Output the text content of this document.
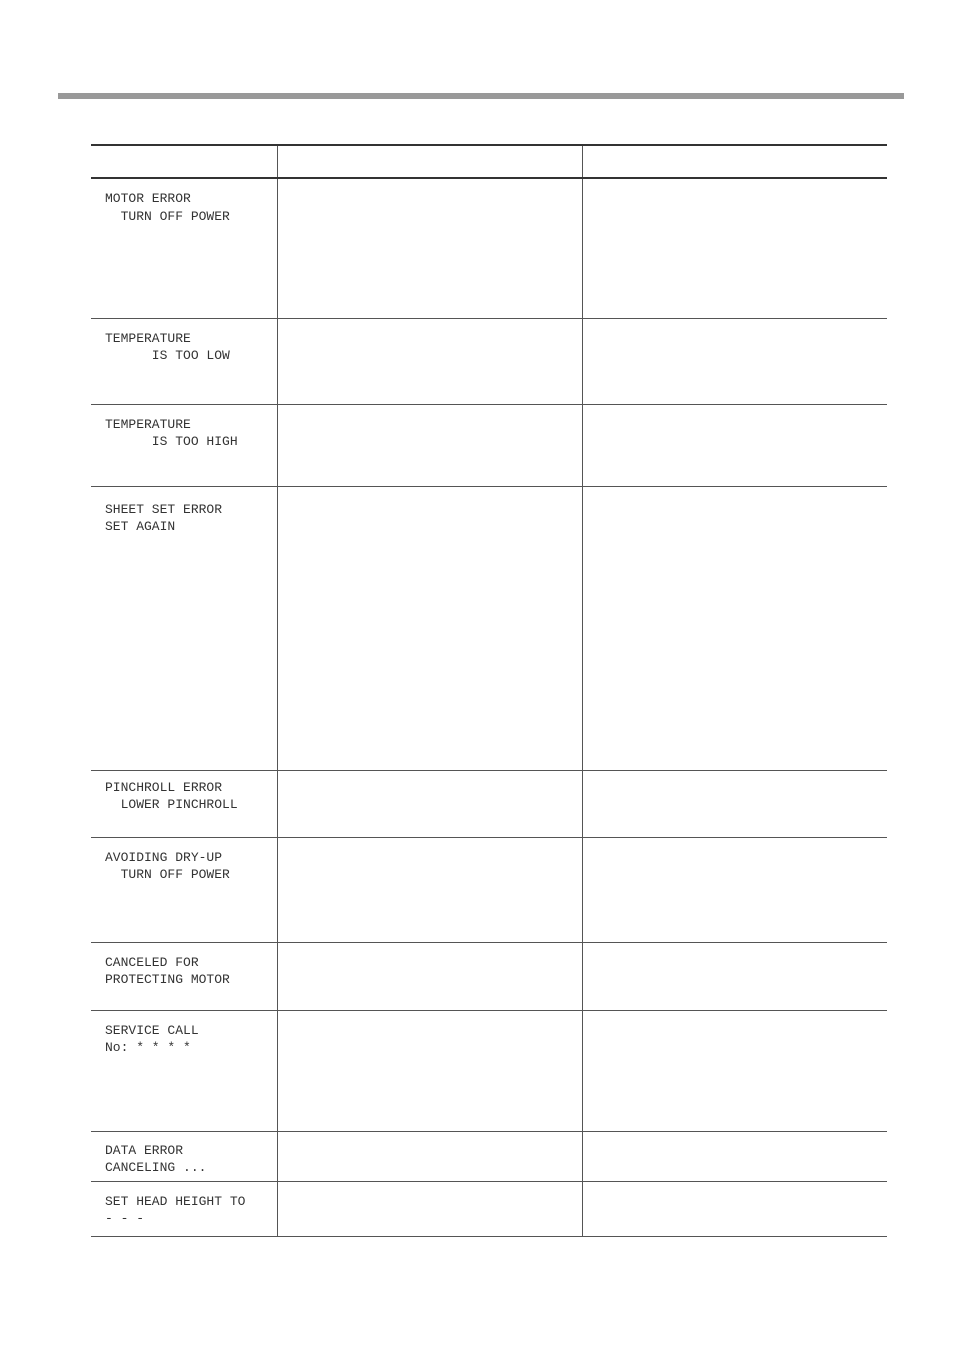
MOTOR ERROR
TURN OFF POWER		

TEMPERATURE
IS TOO LOW		

TEMPERATURE
IS TOO HIGH		

SHEET SET ERROR
SET AGAIN		

PINCHROLL ERROR
LOWER PINCHROLL		

AVOIDING DRY-UP
TURN OFF POWER		

CANCELED FOR
PROTECTING MOTOR		

SERVICE CALL
No: * * * *		

DATA ERROR
CANCELING ...		

SET HEAD HEIGHT TO
- - -		
